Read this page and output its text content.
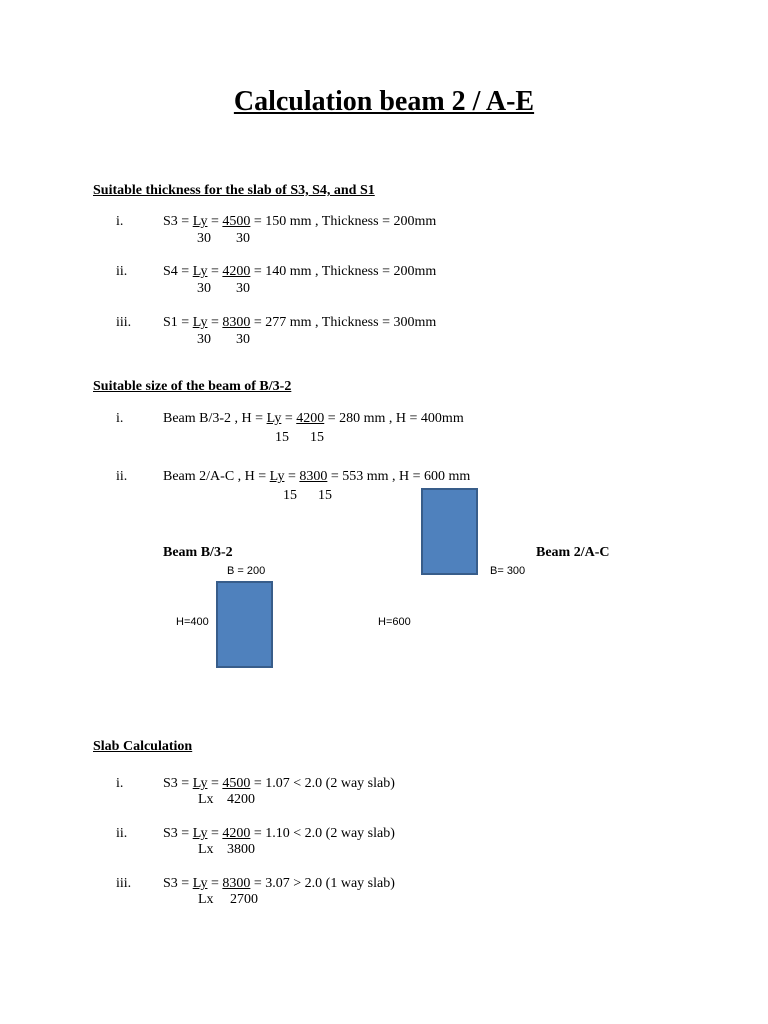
Calculation beam 2 / A-E
Suitable thickness for the slab of S3, S4, and S1
i.	S3 = Ly = 4500 = 150 mm , Thickness = 200mm
30 30
ii.	S4 = Ly = 4200 = 140 mm , Thickness = 200mm
30 30
iii. S1 = Ly = 8300 = 277 mm , Thickness = 300mm
30 30
Suitable size of the beam of B/3-2
i.	Beam B/3-2 , H = Ly = 4200 = 280 mm , H = 400mm
15 15
ii.	Beam 2/A-C , H = Ly = 8300 = 553 mm , H = 600 mm
15 15
Beam B/3-2	Beam 2/A-C
B= 300
B = 200
H=400	H=600
Slab Calculation
i.	S3 = Ly = 4500 = 1.07 < 2.0 (2 way slab)
Lx 4200
ii.	S3 = Ly = 4200 = 1.10 < 2.0 (2 way slab)
Lx 3800
iii. S3 = Ly = 8300 = 3.07 > 2.0 (1 way slab)
Lx 2700
